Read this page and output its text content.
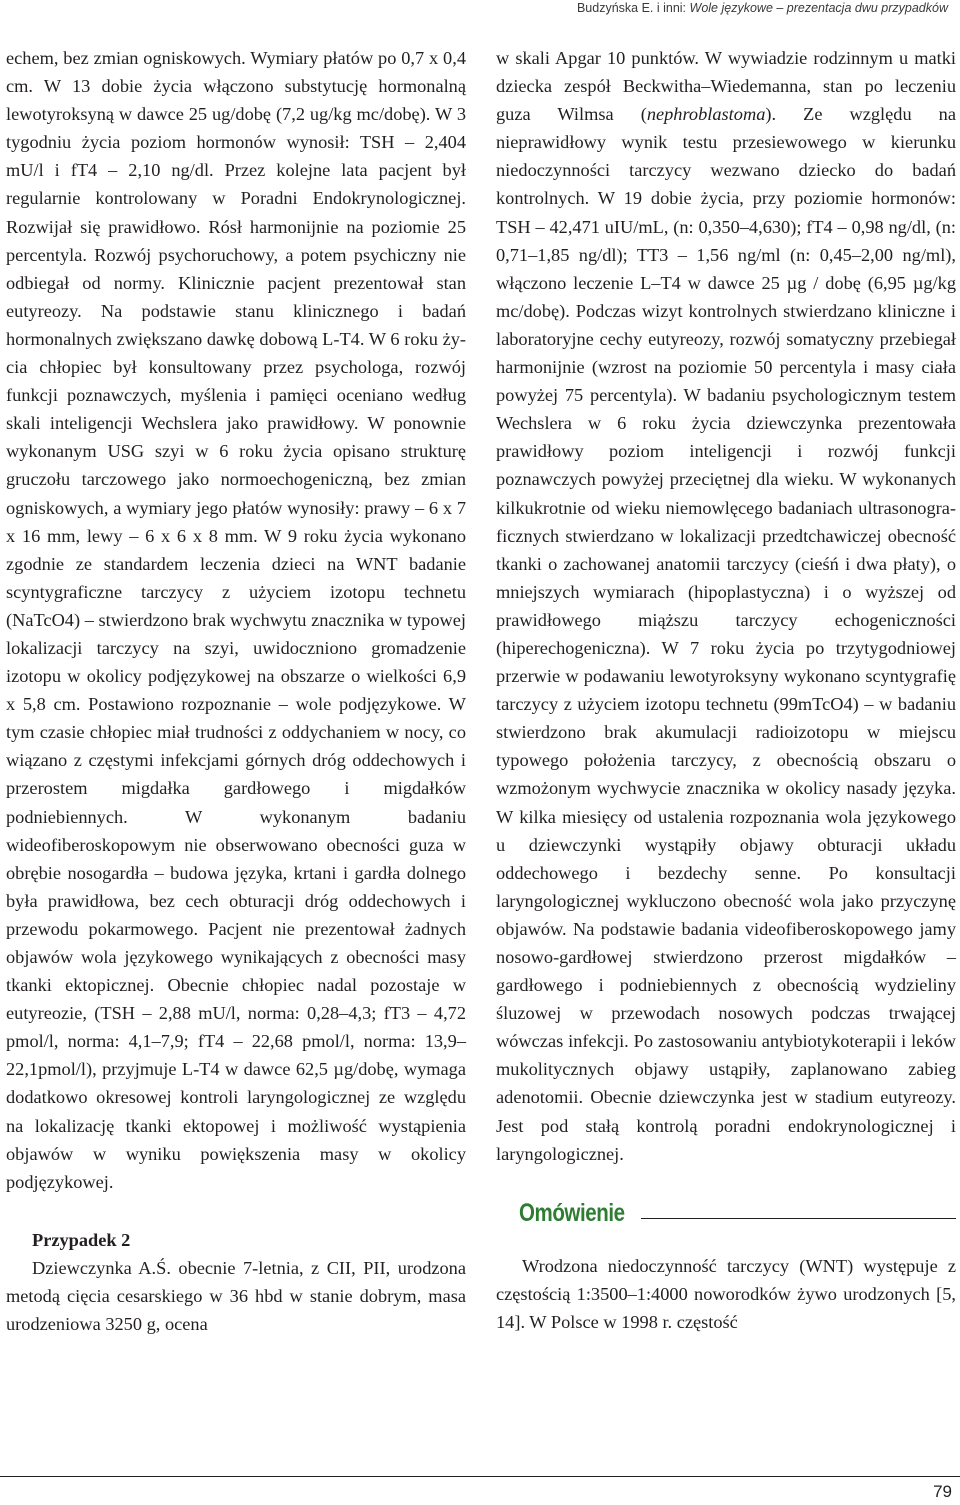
Budzyńska E. i inni: Wole językowe – prezentacja dwu przypadków

echem, bez zmian ogniskowych. Wymiary płatów po 0,7 x 0,4 cm. W 13 dobie życia włączono substytucję hormonalną lewotyroksyną w dawce 25 ug/dobę (7,2 ug/kg mc/dobę). W 3 tygodniu życia poziom hormonów wynosił: TSH – 2,404 mU/l i fT4 – 2,10 ng/dl. Przez kolejne lata pacjent był regularnie kontrolowany w Poradni Endokrynologicznej. Rozwijał się prawidłowo. Rósł harmonijnie na poziomie 25 percentyla. Rozwój psychoruchowy, a potem psychiczny nie odbiegał od normy. Klinicznie pacjent prezentował stan eutyreozy. Na podstawie stanu klinicznego i badań hormonalnych zwiększano dawkę dobową L-T4. W 6 roku życia chłopiec był konsultowany przez psychologa, rozwój funkcji poznawczych, myślenia i pamięci oceniano według skali inteligencji Wechslera jako prawidłowy. W ponownie wykonanym USG szyi w 6 roku życia opisano strukturę gruczołu tarczowego jako normoechogeniczną, bez zmian ogniskowych, a wymiary jego płatów wynosiły: prawy – 6 x 7 x 16 mm, lewy – 6 x 6 x 8 mm. W 9 roku życia wykonano zgodnie ze standardem leczenia dzieci na WNT badanie scyntygraficzne tarczycy z użyciem izotopu technetu (NaTcO4) – stwierdzono brak wychwytu znacznika w typowej lokalizacji tarczycy na szyi, uwidoczniono gromadzenie izotopu w okolicy podjęzykowej na obszarze o wielkości 6,9 x 5,8 cm. Postawiono rozpoznanie – wole podjęzykowe. W tym czasie chłopiec miał trudności z oddychaniem w nocy, co wiązano z częstymi infekcjami górnych dróg oddechowych i przerostem migdałka gardłowego i migdałków podniebiennych. W wykonanym badaniu wideofiberoskopowym nie obserwowano obecności guza w obrębie nosogardła – budowa języka, krtani i gardła dolnego była prawidłowa, bez cech obturacji dróg oddechowych i przewodu pokarmowego. Pacjent nie prezentował żadnych objawów wola językowego wynikających z obecności masy tkanki ektopicznej. Obecnie chłopiec nadal pozostaje w eutyreozie, (TSH – 2,88 mU/l, norma: 0,28–4,3; fT3 – 4,72 pmol/l, norma: 4,1–7,9; fT4 – 22,68 pmol/l, norma: 13,9–22,1pmol/l), przyjmuje L-T4 w dawce 62,5 µg/dobę, wymaga dodatkowo okresowej kontroli laryngologicznej ze względu na lokalizację tkanki ektopowej i możliwość wystąpienia objawów w wyniku powiększenia masy w okolicy podjęzykowej.

Przypadek 2

Dziewczynka A.Ś. obecnie 7-letnia, z CII, PII, urodzona metodą cięcia cesarskiego w 36 hbd w stanie dobrym, masa urodzeniowa 3250 g, ocena

w skali Apgar 10 punktów. W wywiadzie rodzinnym u matki dziecka zespół Beckwitha–Wiedemanna, stan po leczeniu guza Wilmsa (nephroblastoma). Ze względu na nieprawidłowy wynik testu przesiewowego w kierunku niedoczynności tarczycy wezwano dziecko do badań kontrolnych. W 19 dobie życia, przy poziomie hormonów: TSH – 42,471 uIU/mL, (n: 0,350–4,630); fT4 – 0,98 ng/dl, (n: 0,71–1,85 ng/dl); TT3 – 1,56 ng/ml (n: 0,45–2,00 ng/ml), włączono leczenie L–T4 w dawce 25 µg / dobę (6,95 µg/kg mc/dobę). Podczas wizyt kontrolnych stwierdzano kliniczne i laboratoryjne cechy eutyreozy, rozwój somatyczny przebiegał harmonijnie (wzrost na poziomie 50 percentyla i masy ciała powyżej 75 percentyla). W badaniu psychologicznym testem Wechslera w 6 roku życia dziewczynka prezentowała prawidłowy poziom inteligencji i rozwój funkcji poznawczych powyżej przeciętnej dla wieku. W wykonanych kilkukrotnie od wieku niemowlęcego badaniach ultrasonograficznych stwierdzano w lokalizacji przedtchawiczej obecność tkanki o zachowanej anatomii tarczycy (cieśń i dwa płaty), o mniejszych wymiarach (hipoplastyczna) i o wyższej od prawidłowego miąższu tarczycy echogeniczności (hiperechogeniczna). W 7 roku życia po trzytygodniowej przerwie w podawaniu lewotyroksyny wykonano scyntygrafię tarczycy z użyciem izotopu technetu (99mTcO4) – w badaniu stwierdzono brak akumulacji radioizotopu w miejscu typowego położenia tarczycy, z obecnością obszaru o wzmożonym wychwycie znacznika w okolicy nasady języka. W kilka miesięcy od ustalenia rozpoznania wola językowego u dziewczynki wystąpiły objawy obturacji układu oddechowego i bezdechy senne. Po konsultacji laryngologicznej wykluczono obecność wola jako przyczynę objawów. Na podstawie badania videofiberoskopowego jamy nosowo-gardłowej stwierdzono przerost migdałków – gardłowego i podniebiennych z obecnością wydzieliny śluzowej w przewodach nosowych podczas trwającej wówczas infekcji. Po zastosowaniu antybiotykoterapii i leków mukolitycznych objawy ustąpiły, zaplanowano zabieg adenotomii. Obecnie dziewczynka jest w stadium eutyreozy. Jest pod stałą kontrolą poradni endokrynologicznej i laryngologicznej.

Omówienie

Wrodzona niedoczynność tarczycy (WNT) występuje z częstością 1:3500–1:4000 noworodków żywo urodzonych [5, 14]. W Polsce w 1998 r. częstość

79
